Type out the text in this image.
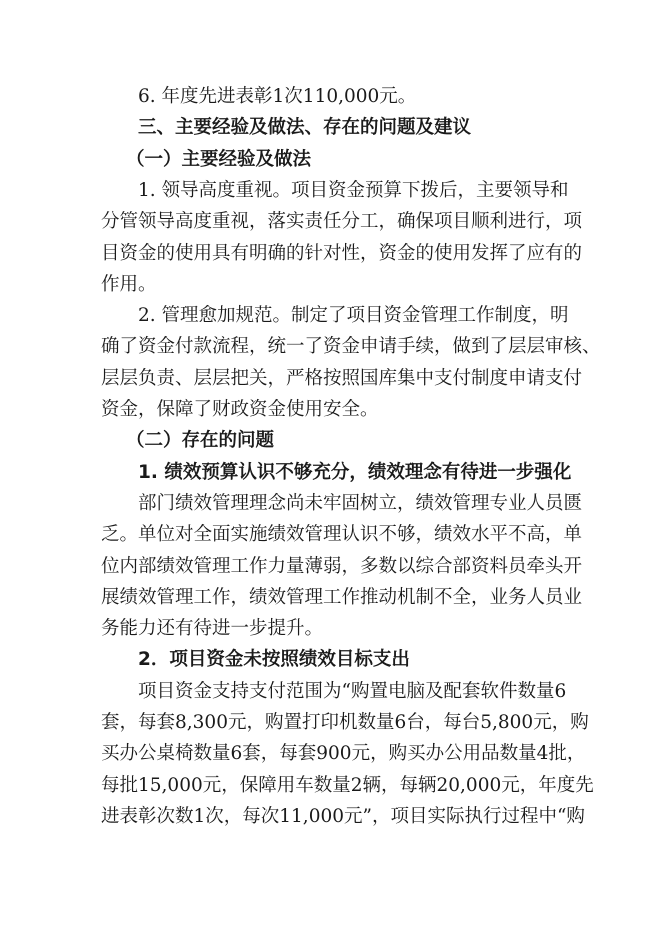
6. 年度先进表彰1次110,000元。
三、主要经验及做法、存在的问题及建议
（一）主要经验及做法
1. 领导高度重视。项目资金预算下拨后，主要领导和
分管领导高度重视，落实责任分工，确保项目顺利进行，项
目资金的使用具有明确的针对性，资金的使用发挥了应有的
作用。
2. 管理愈加规范。制定了项目资金管理工作制度，明
确了资金付款流程，统一了资金申请手续，做到了层层审核、
层层负责、层层把关，严格按照国库集中支付制度申请支付
资金，保障了财政资金使用安全。
（二）存在的问题
1. 绩效预算认识不够充分，绩效理念有待进一步强化
部门绩效管理理念尚未牢固树立，绩效管理专业人员匮
乏。单位对全面实施绩效管理认识不够，绩效水平不高，单
位内部绩效管理工作力量薄弱，多数以综合部资料员牵头开
展绩效管理工作，绩效管理工作推动机制不全，业务人员业
务能力还有待进一步提升。
2．项目资金未按照绩效目标支出
项目资金支持支付范围为“购置电脑及配套软件数量6
套，每套8,300元，购置打印机数量6台，每台5,800元，购
买办公桌椅数量6套，每套900元，购买办公用品数量4批，
每批15,000元，保障用车数量2辆，每辆20,000元，年度先
进表彰次数1次，每次11,000元”，项目实际执行过程中“购
